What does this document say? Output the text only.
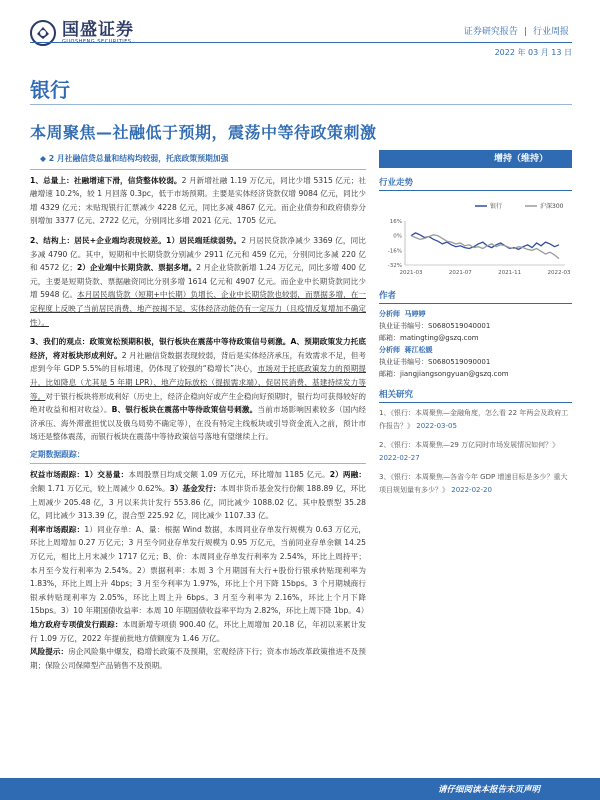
国盛证券	证券研究报告 | 行业周报
2022 年 03 月 13 日
银行
本周聚焦—社融低于预期，震荡中等待政策刺激
◆ 2 月社融信贷总量和结构均较弱，托底政策预期加强

1、总量上：社融增速下滑，信贷整体较弱。2 月新增社融 1.19 万亿元，同比少增 5315 亿元；社融增速 10.2%，较 1 月回落 0.3pc，低于市场预期。主要是实体经济贷款仅增 9084 亿元，同比少增 4329 亿元；未贴现银行汇票减少 4228 亿元，同比多减 4867 亿元。而企业债券和政府债券分别增加 3377 亿元、2722 亿元，分别同比多增 2021 亿元、1705 亿元。

2、结构上：居民+企业端均表现较差。1）居民端延续弱势。2 月居民贷款净减少 3369 亿，同比多减 4790 亿。其中，短期和中长期贷款分别减少 2911 亿元和 459 亿元，分别同比多减 220 亿和 4572 亿；2）企业端中长期贷款、票据多增。2 月企业贷款新增 1.24 万亿元，同比多增 400 亿元，主要是短期贷款、票据融资同比分别多增 1614 亿元和 4907 亿元。而企业中长期贷款同比少增 5948 亿。本月居民端贷款（短期+中长期）负增长、企业中长期贷款也较弱，而票据多增，在一定程度上反映了当前居民消费、地产按揭不足，实体经济动能仍有一定压力（且疫情反复增加不确定性）。

3、我们的观点：政策宽松预期积极，银行板块在震荡中等待政策信号刺激。A、预期政策发力托底经济，将对板块形成利好。2 月社融信贷数据表现较弱，背后是实体经济承压，有效需求不足，但考虑到今年 GDP 5.5%的目标增速，仍体现了较强的“稳增长”决心，市场对于托底政策发力的预期提升，比如降息（尤其是 5 年期 LPR）、地产边际放松（提振需求端）、促居民消费、基建持续发力等等。对于银行板块将形成利好（历史上，经济企稳向好或产生企稳向好预期时，银行均可获得较好的绝对收益和相对收益）。B、银行板块在震荡中等待政策信号刺激。当前市场影响因素较多（国内经济承压、海外滞涨担忧以及俄乌局势不确定等），在没有特定主线板块或引导资金流入之前，预计市场还是整体震荡，而银行板块在震荡中等待政策信号落地有望继续上行。

定期数据跟踪：

权益市场跟踪：1）交易量：本周股票日均成交额 1.09 万亿元，环比增加 1185 亿元。2）两融：余额 1.71 万亿元，较上周减少 0.62%。3）基金发行：本周非货币基金发行份额 188.89 亿，环比上周减少 205.48 亿，3 月以来共计发行 553.86 亿，同比减少 1088.02 亿。其中股票型 35.28 亿，同比减少 313.39 亿，混合型 225.92 亿，同比减少 1107.33 亿。

利率市场跟踪：1）同业存单：A、量：根据 Wind 数据，本周同业存单发行规模为 0.63 万亿元，环比上周增加 0.27 万亿元；3 月至今同业存单发行规模为 0.95 万亿元，当前同业存单余额 14.25 万亿元，相比上月末减少 1717 亿元；B、价：本周同业存单发行利率为 2.54%，环比上周持平；本月至今发行利率为 2.54%。2）票据利率：本周 3 个月期国有大行+股份行银承转贴现利率为 1.83%，环比上周上升 4bps；3 月至今利率为 1.97%，环比上个月下降 15bps。3 个月期城商行银承转贴现利率为 2.05%，环比上周上升 6bps。3 月至今利率为 2.16%，环比上个月下降 15bps。3）10 年期国债收益率：本周 10 年期国债收益率平均为 2.82%，环比上周下降 1bp。4）地方政府专项债发行跟踪：本周新增专项债 900.40 亿，环比上周增加 20.18 亿，年初以来累计发行 1.09 万亿，2022 年提前批地方债额度为 1.46 万亿。

风险提示：房企风险集中爆发，稳增长政策不及预期，宏观经济下行；资本市场改革政策推进不及预期；保险公司保障型产品销售不及预期。

增持（维持）
行业走势
16%
0%
-16%
-32%
2021-03	2021-07	2021-11	2022-03
银行	沪深300
作者
分析师 马婷婷
执业证书编号：S0680519040001
邮箱：matingting@gszq.com
分析师 蒋江松媛
执业证书编号：S0680519090001
邮箱：jiangjiangsongyuan@gszq.com
相关研究
1、《银行：本周聚焦—金融角度，怎么看 22 年两会及政府工作报告？》 2022-03-05
2、《银行：本周聚焦—29 万亿同时市场发展情况如何？》 2022-02-27
3、《银行：本周聚焦—各省今年 GDP 增速目标是多少？重大项目规划量有多少？》 2022-02-20
请仔细阅读本报告末页声明
